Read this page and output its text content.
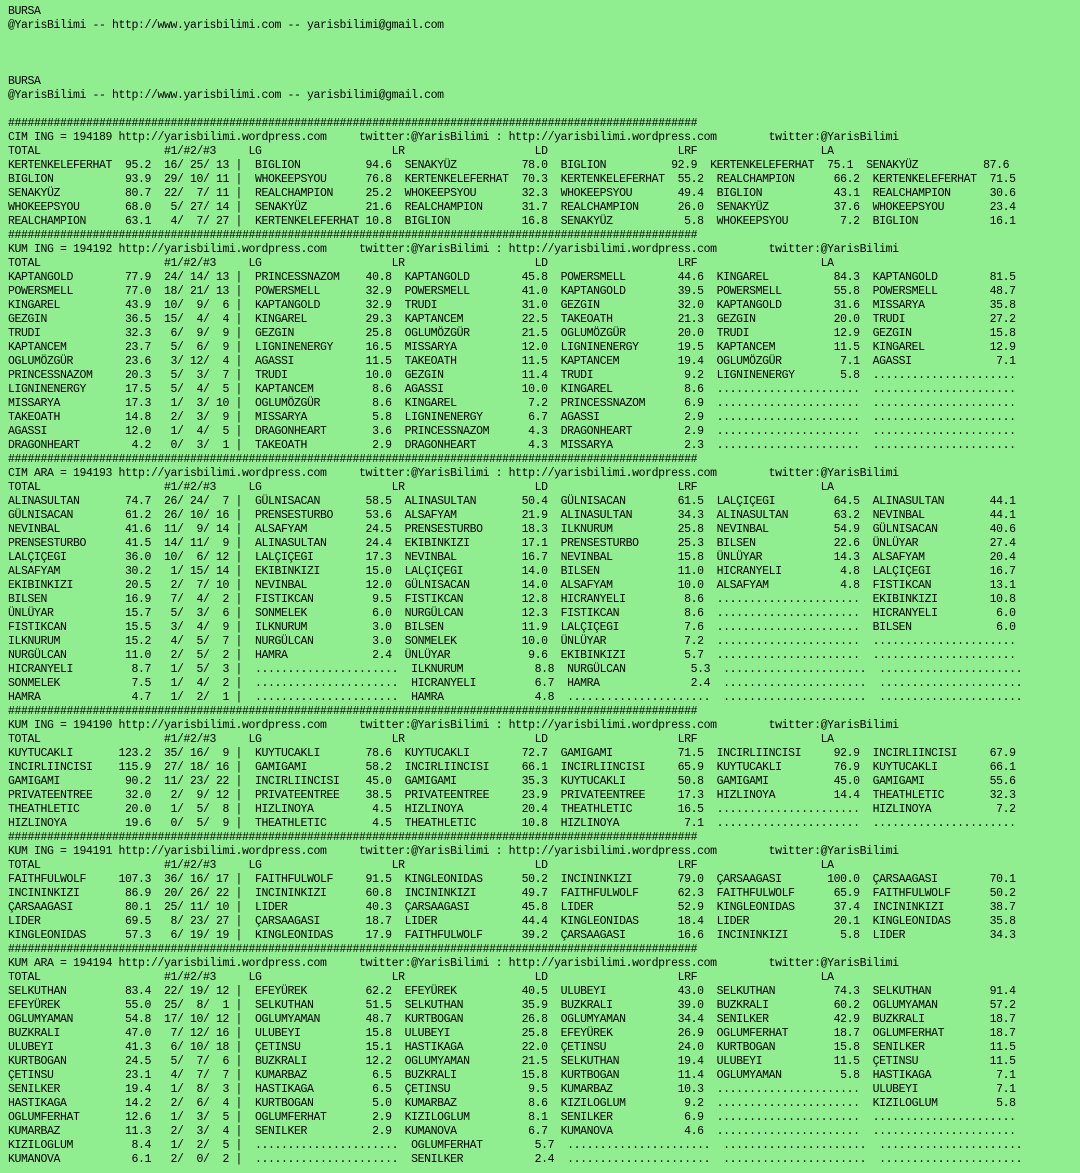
BURSA
@YarisBilimi -- http://www.yarisbilimi.com -- yarisbilimi@gmail.com
BURSA
@YarisBilimi -- http://www.yarisbilimi.com -- yarisbilimi@gmail.com
##########################################################################################################
CIM ING = 194189 http://yarisbilimi.wordpress.com     twitter:@YarisBilimi : http://yarisbilimi.wordpress.com        twitter:@YarisBilimi
TOTAL                   #1/#2/#3     LG                    LR                    LD                    LRF                   LA
KERTENKELEFERHAT  95.2  16/ 25/ 13 |  BIGLION          94.6  SENAKYÜZ          78.0  BIGLION          92.9  KERTENKELEFERHAT  75.1  SENAKYÜZ          87.6
BIGLION           93.9  29/ 10/ 11 |  WHOKEEPSYOU      76.8  KERTENKELEFERHAT  70.3  KERTENKELEFERHAT  55.2  REALCHAMPION      66.2  KERTENKELEFERHAT  71.5
SENAKYÜZ          80.7  22/  7/ 11 |  REALCHAMPION     25.2  WHOKEEPSYOU       32.3  WHOKEEPSYOU       49.4  BIGLION           43.1  REALCHAMPION      30.6
WHOKEEPSYOU       68.0   5/ 27/ 14 |  SENAKYÜZ         21.6  REALCHAMPION      31.7  REALCHAMPION      26.0  SENAKYÜZ          37.6  WHOKEEPSYOU       23.4
REALCHAMPION      63.1   4/  7/ 27 |  KERTENKELEFERHAT 10.8  BIGLION           16.8  SENAKYÜZ           5.8  WHOKEEPSYOU        7.2  BIGLION           16.1
##########################################################################################################
KUM ING = 194192 http://yarisbilimi.wordpress.com     twitter:@YarisBilimi : http://yarisbilimi.wordpress.com        twitter:@YarisBilimi
TOTAL                   #1/#2/#3     LG                    LR                    LD                    LRF                   LA
KAPTANGOLD        77.9  24/ 14/ 13 |  PRINCESSNAZOM    40.8  KAPTANGOLD        45.8  POWERSMELL        44.6  KINGAREL          84.3  KAPTANGOLD        81.5
POWERSMELL        77.0  18/ 21/ 13 |  POWERSMELL       32.9  POWERSMELL        41.0  KAPTANGOLD        39.5  POWERSMELL        55.8  POWERSMELL        48.7
KINGAREL          43.9  10/  9/  6 |  KAPTANGOLD       32.9  TRUDI             31.0  GEZGIN            32.0  KAPTANGOLD        31.6  MISSARYA          35.8
GEZGIN            36.5  15/  4/  4 |  KINGAREL         29.3  KAPTANCEM         22.5  TAKEOATH          21.3  GEZGIN            20.0  TRUDI             27.2
TRUDI             32.3   6/  9/  9 |  GEZGIN           25.8  OGLUMÖZGÜR        21.5  OGLUMÖZGÜR        20.0  TRUDI             12.9  GEZGIN            15.8
KAPTANCEM         23.7   5/  6/  9 |  LIGNINENERGY     16.5  MISSARYA          12.0  LIGNINENERGY      19.5  KAPTANCEM         11.5  KINGAREL          12.9
OGLUMÖZGÜR        23.6   3/ 12/  4 |  AGASSI           11.5  TAKEOATH          11.5  KAPTANCEM         19.4  OGLUMÖZGÜR         7.1  AGASSI             7.1
PRINCESSNAZOM     20.3   5/  3/  7 |  TRUDI            10.0  GEZGIN            11.4  TRUDI              9.2  LIGNINENERGY       5.8  ......................
LIGNINENERGY      17.5   5/  4/  5 |  KAPTANCEM         8.6  AGASSI            10.0  KINGAREL           8.6  ......................  ......................
MISSARYA          17.3   1/  3/ 10 |  OGLUMÖZGÜR        8.6  KINGAREL           7.2  PRINCESSNAZOM      6.9  ......................  ......................
TAKEOATH          14.8   2/  3/  9 |  MISSARYA          5.8  LIGNINENERGY       6.7  AGASSI             2.9  ......................  ......................
AGASSI            12.0   1/  4/  5 |  DRAGONHEART       3.6  PRINCESSNAZOM      4.3  DRAGONHEART        2.9  ......................  ......................
DRAGONHEART        4.2   0/  3/  1 |  TAKEOATH          2.9  DRAGONHEART        4.3  MISSARYA           2.3  ......................  ......................
##########################################################################################################
CIM ARA = 194193 http://yarisbilimi.wordpress.com     twitter:@YarisBilimi : http://yarisbilimi.wordpress.com        twitter:@YarisBilimi
TOTAL                   #1/#2/#3     LG                    LR                    LD                    LRF                   LA
ALINASULTAN       74.7  26/ 24/  7 |  GÜLNISACAN       58.5  ALINASULTAN       50.4  GÜLNISACAN        61.5  LALÇIÇEGI         64.5  ALINASULTAN       44.1
GÜLNISACAN        61.2  26/ 10/ 16 |  PRENSESTURBO     53.6  ALSAFYAM          21.9  ALINASULTAN       34.3  ALINASULTAN       63.2  NEVINBAL          44.1
NEVINBAL          41.6  11/  9/ 14 |  ALSAFYAM         24.5  PRENSESTURBO      18.3  ILKNURUM          25.8  NEVINBAL          54.9  GÜLNISACAN        40.6
PRENSESTURBO      41.5  14/ 11/  9 |  ALINASULTAN      24.4  EKIBINKIZI        17.1  PRENSESTURBO      25.3  BILSEN            22.6  ÜNLÜYAR           27.4
LALÇIÇEGI         36.0  10/  6/ 12 |  LALÇIÇEGI        17.3  NEVINBAL          16.7  NEVINBAL          15.8  ÜNLÜYAR           14.3  ALSAFYAM          20.4
ALSAFYAM          30.2   1/ 15/ 14 |  EKIBINKIZI       15.0  LALÇIÇEGI         14.0  BILSEN            11.0  HICRANYELI         4.8  LALÇIÇEGI         16.7
EKIBINKIZI        20.5   2/  7/ 10 |  NEVINBAL         12.0  GÜLNISACAN        14.0  ALSAFYAM          10.0  ALSAFYAM           4.8  FISTIKCAN         13.1
BILSEN            16.9   7/  4/  2 |  FISTIKCAN         9.5  FISTIKCAN         12.8  HICRANYELI         8.6  ......................  EKIBINKIZI        10.8
ÜNLÜYAR           15.7   5/  3/  6 |  SONMELEK          6.0  NURGÜLCAN         12.3  FISTIKCAN          8.6  ......................  HICRANYELI         6.0
FISTIKCAN         15.5   3/  4/  9 |  ILKNURUM          3.0  BILSEN            11.9  LALÇIÇEGI          7.6  ......................  BILSEN             6.0
ILKNURUM          15.2   4/  5/  7 |  NURGÜLCAN         3.0  SONMELEK          10.0  ÜNLÜYAR            7.2  ......................  ......................
NURGÜLCAN         11.0   2/  5/  2 |  HAMRA             2.4  ÜNLÜYAR            9.6  EKIBINKIZI         5.7  ......................  ......................
HICRANYELI         8.7   1/  5/  3 |  ......................  ILKNURUM           8.8  NURGÜLCAN          5.3  ......................  ......................
SONMELEK           7.5   1/  4/  2 |  ......................  HICRANYELI         6.7  HAMRA              2.4  ......................  ......................
HAMRA              4.7   1/  2/  1 |  ......................  HAMRA              4.8  ......................  ......................  ......................
##########################################################################################################
KUM ING = 194190 http://yarisbilimi.wordpress.com     twitter:@YarisBilimi : http://yarisbilimi.wordpress.com        twitter:@YarisBilimi
TOTAL                   #1/#2/#3     LG                    LR                    LD                    LRF                   LA
KUYTUCAKLI       123.2  35/ 16/  9 |  KUYTUCAKLI       78.6  KUYTUCAKLI        72.7  GAMIGAMI          71.5  INCIRLIINCISI     92.9  INCIRLIINCISI     67.9
INCIRLIINCISI    115.9  27/ 18/ 16 |  GAMIGAMI         58.2  INCIRLIINCISI     66.1  INCIRLIINCISI     65.9  KUYTUCAKLI        76.9  KUYTUCAKLI        66.1
GAMIGAMI          90.2  11/ 23/ 22 |  INCIRLIINCISI    45.0  GAMIGAMI          35.3  KUYTUCAKLI        50.8  GAMIGAMI          45.0  GAMIGAMI          55.6
PRIVATEENTREE     32.0   2/  9/ 12 |  PRIVATEENTREE    38.5  PRIVATEENTREE     23.9  PRIVATEENTREE     17.3  HIZLINOYA         14.4  THEATHLETIC       32.3
THEATHLETIC       20.0   1/  5/  8 |  HIZLINOYA         4.5  HIZLINOYA         20.4  THEATHLETIC       16.5  ......................  HIZLINOYA          7.2
HIZLINOYA         19.6   0/  5/  9 |  THEATHLETIC       4.5  THEATHLETIC       10.8  HIZLINOYA          7.1  ......................  ......................
##########################################################################################################
KUM ING = 194191 http://yarisbilimi.wordpress.com     twitter:@YarisBilimi : http://yarisbilimi.wordpress.com        twitter:@YarisBilimi
TOTAL                   #1/#2/#3     LG                    LR                    LD                    LRF                   LA
FAITHFULWOLF     107.3  36/ 16/ 17 |  FAITHFULWOLF     91.5  KINGLEONIDAS      50.2  INCININKIZI       79.0  ÇARSAAGASI       100.0  ÇARSAAGASI        70.1
INCININKIZI       86.9  20/ 26/ 22 |  INCININKIZI      60.8  INCININKIZI       49.7  FAITHFULWOLF      62.3  FAITHFULWOLF      65.9  FAITHFULWOLF      50.2
ÇARSAAGASI        80.1  25/ 11/ 10 |  LIDER            40.3  ÇARSAAGASI        45.8  LIDER             52.9  KINGLEONIDAS      37.4  INCININKIZI       38.7
LIDER             69.5   8/ 23/ 27 |  ÇARSAAGASI       18.7  LIDER             44.4  KINGLEONIDAS      18.4  LIDER             20.1  KINGLEONIDAS      35.8
KINGLEONIDAS      57.3   6/ 19/ 19 |  KINGLEONIDAS     17.9  FAITHFULWOLF      39.2  ÇARSAAGASI        16.6  INCININKIZI        5.8  LIDER             34.3
##########################################################################################################
KUM ARA = 194194 http://yarisbilimi.wordpress.com     twitter:@YarisBilimi : http://yarisbilimi.wordpress.com        twitter:@YarisBilimi
TOTAL                   #1/#2/#3     LG                    LR                    LD                    LRF                   LA
SELKUTHAN         83.4  22/ 19/ 12 |  EFEYÜREK         62.2  EFEYÜREK          40.5  ULUBEYI           43.0  SELKUTHAN         74.3  SELKUTHAN         91.4
EFEYÜREK          55.0  25/  8/  1 |  SELKUTHAN        51.5  SELKUTHAN         35.9  BUZKRALI          39.0  BUZKRALI          60.2  OGLUMYAMAN        57.2
OGLUMYAMAN        54.8  17/ 10/ 12 |  OGLUMYAMAN       48.7  KURTBOGAN         26.8  OGLUMYAMAN        34.4  SENILKER          42.9  BUZKRALI          18.7
BUZKRALI          47.0   7/ 12/ 16 |  ULUBEYI          15.8  ULUBEYI           25.8  EFEYÜREK          26.9  OGLUMFERHAT       18.7  OGLUMFERHAT       18.7
ULUBEYI           41.3   6/ 10/ 18 |  ÇETINSU          15.1  HASTIKAGA         22.0  ÇETINSU           24.0  KURTBOGAN         15.8  SENILKER          11.5
KURTBOGAN         24.5   5/  7/  6 |  BUZKRALI         12.2  OGLUMYAMAN        21.5  SELKUTHAN         19.4  ULUBEYI           11.5  ÇETINSU           11.5
ÇETINSU           23.1   4/  7/  7 |  KUMARBAZ          6.5  BUZKRALI          15.8  KURTBOGAN         11.4  OGLUMYAMAN         5.8  HASTIKAGA          7.1
SENILKER          19.4   1/  8/  3 |  HASTIKAGA         6.5  ÇETINSU            9.5  KUMARBAZ          10.3  ......................  ULUBEYI            7.1
HASTIKAGA         14.2   2/  6/  4 |  KURTBOGAN         5.0  KUMARBAZ           8.6  KIZILOGLUM         9.2  ......................  KIZILOGLUM         5.8
OGLUMFERHAT       12.6   1/  3/  5 |  OGLUMFERHAT       2.9  KIZILOGLUM         8.1  SENILKER           6.9  ......................  ......................
KUMARBAZ          11.3   2/  3/  4 |  SENILKER          2.9  KUMANOVA           6.7  KUMANOVA           4.6  ......................  ......................
KIZILOGLUM         8.4   1/  2/  5 |  ......................  OGLUMFERHAT        5.7  ......................  ......................  ......................
KUMANOVA           6.1   2/  0/  2 |  ......................  SENILKER           2.4  ......................  ......................  ......................
